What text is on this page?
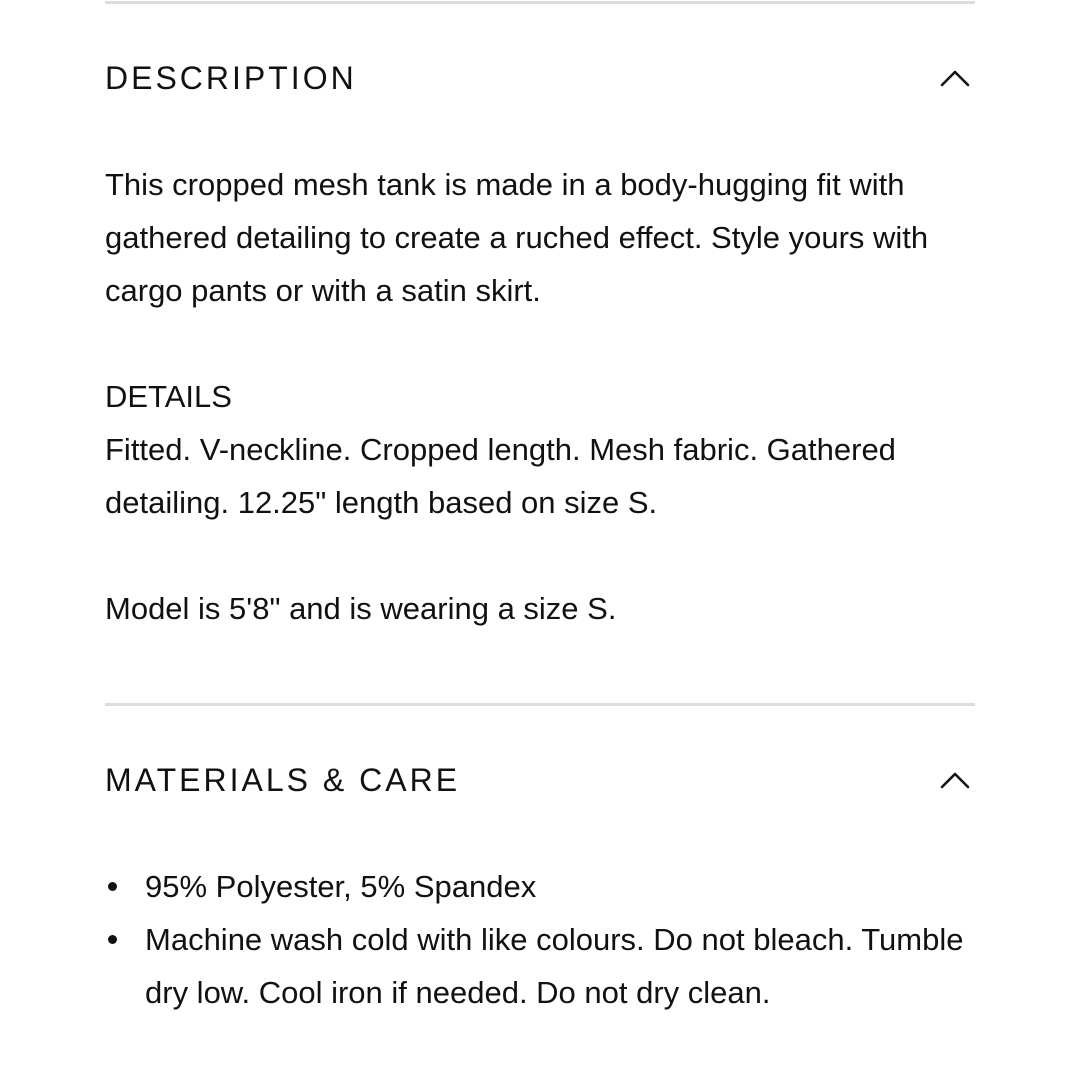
DESCRIPTION

This cropped mesh tank is made in a body-hugging fit with gathered detailing to create a ruched effect. Style yours with cargo pants or with a satin skirt.

DETAILS

Fitted. V-neckline. Cropped length. Mesh fabric. Gathered detailing. 12.25" length based on size S.

Model is 5'8" and is wearing a size S.

MATERIALS & CARE
95% Polyester, 5% Spandex
Machine wash cold with like colours. Do not bleach. Tumble dry low. Cool iron if needed. Do not dry clean.
